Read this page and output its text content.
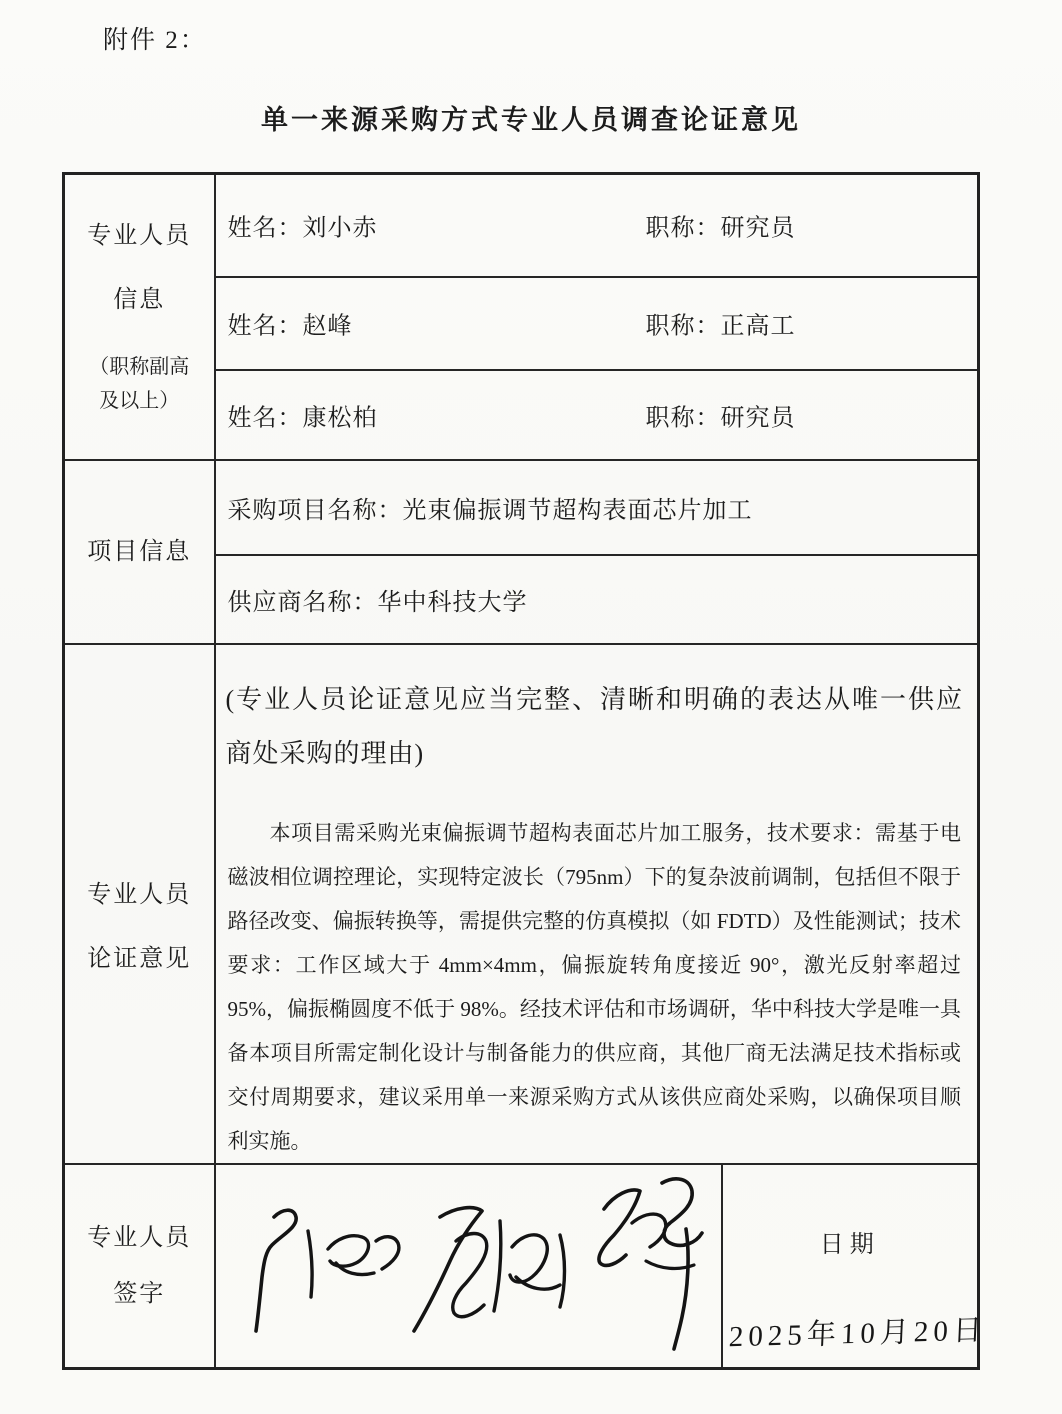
附件 2：
单一来源采购方式专业人员调查论证意见
专业人员
信息
（职称副高
及以上）

姓名：刘小赤	职称：研究员

	姓名：赵峰 职称：正高工	

	姓名：康松柏 职称：研究员	

项目信息	采购项目名称：光束偏振调节超构表面芯片加工	

	供应商名称：华中科技大学	

专业人员
论证意见

(专业人员论证意见应当完整、清晰和明确的表达从唯一供应商处采购的理由)
本项目需采购光束偏振调节超构表面芯片加工服务，技术要求：需基于电磁波相位调控理论，实现特定波长（795nm）下的复杂波前调制，包括但不限于路径改变、偏振转换等，需提供完整的仿真模拟（如 FDTD）及性能测试；技术要求：工作区域大于 4mm×4mm，偏振旋转角度接近 90°，激光反射率超过 95%，偏振椭圆度不低于 98%。经技术评估和市场调研，华中科技大学是唯一具备本项目所需定制化设计与制备能力的供应商，其他厂商无法满足技术指标或交付周期要求，建议采用单一来源采购方式从该供应商处采购，以确保项目顺利实施。

专业人员
签字

日期
2025年10月20日
